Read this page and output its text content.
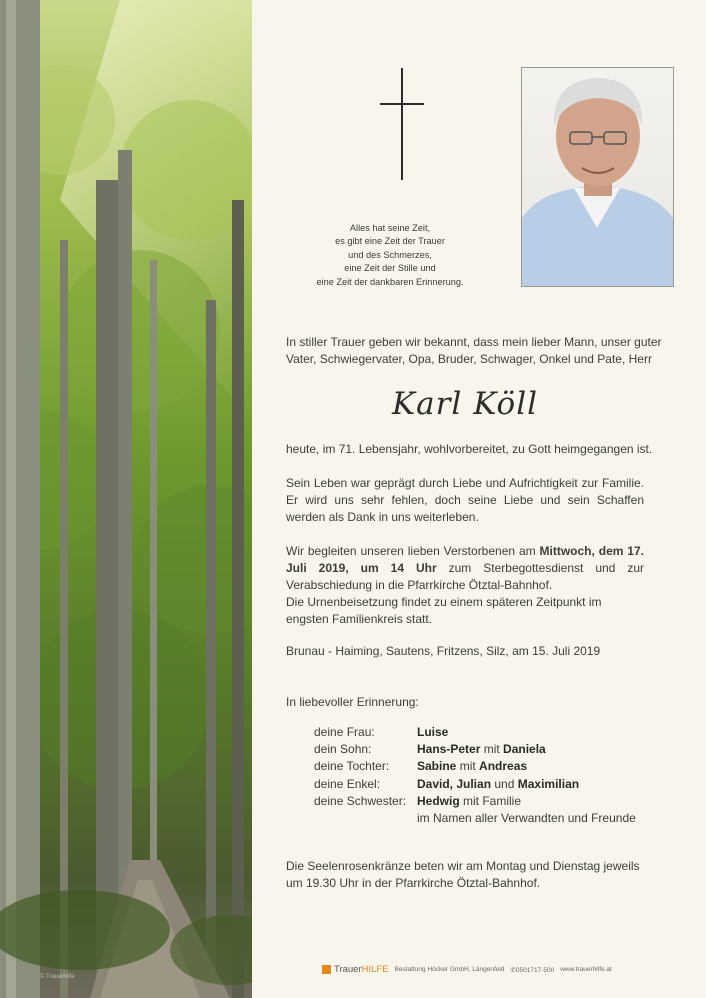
© Trauerhilfe
Alles hat seine Zeit,
es gibt eine Zeit der Trauer
und des Schmerzes,
eine Zeit der Stille und
eine Zeit der dankbaren Erinnerung.
In stiller Trauer geben wir bekannt, dass mein lieber Mann, unser guter
Vater, Schwiegervater, Opa, Bruder, Schwager, Onkel und Pate, Herr
Karl Köll
heute, im 71. Lebensjahr, wohlvorbereitet, zu Gott heimgegangen ist.
Sein Leben war geprägt durch Liebe und Aufrichtigkeit zur Familie. Er wird uns sehr fehlen, doch seine Liebe und sein Schaffen werden als Dank in uns weiterleben.
Wir begleiten unseren lieben Verstorbenen am Mittwoch, dem 17. Juli 2019, um 14 Uhr zum Sterbegottesdienst und zur Verabschiedung in die Pfarrkirche Ötztal-Bahnhof.
Die Urnenbeisetzung findet zu einem späteren Zeitpunkt im engsten Familienkreis statt.
Brunau - Haiming, Sautens, Fritzens, Silz, am 15. Juli 2019
In liebevoller Erinnerung:
deine Frau:	Luise
dein Sohn:	Hans-Peter mit Daniela
deine Tochter:	Sabine mit Andreas
deine Enkel:	David, Julian und Maximilian
deine Schwester: Hedwig mit Familie
im Namen aller Verwandten und Freunde
Die Seelenrosenkränze beten wir am Montag und Dienstag jeweils um 19.30 Uhr in der Pfarrkirche Ötztal-Bahnhof.
TrauerHILFE Bestattung Höcker GmbH, Längenfeld ✆0501717-500 www.trauerhilfe.at
